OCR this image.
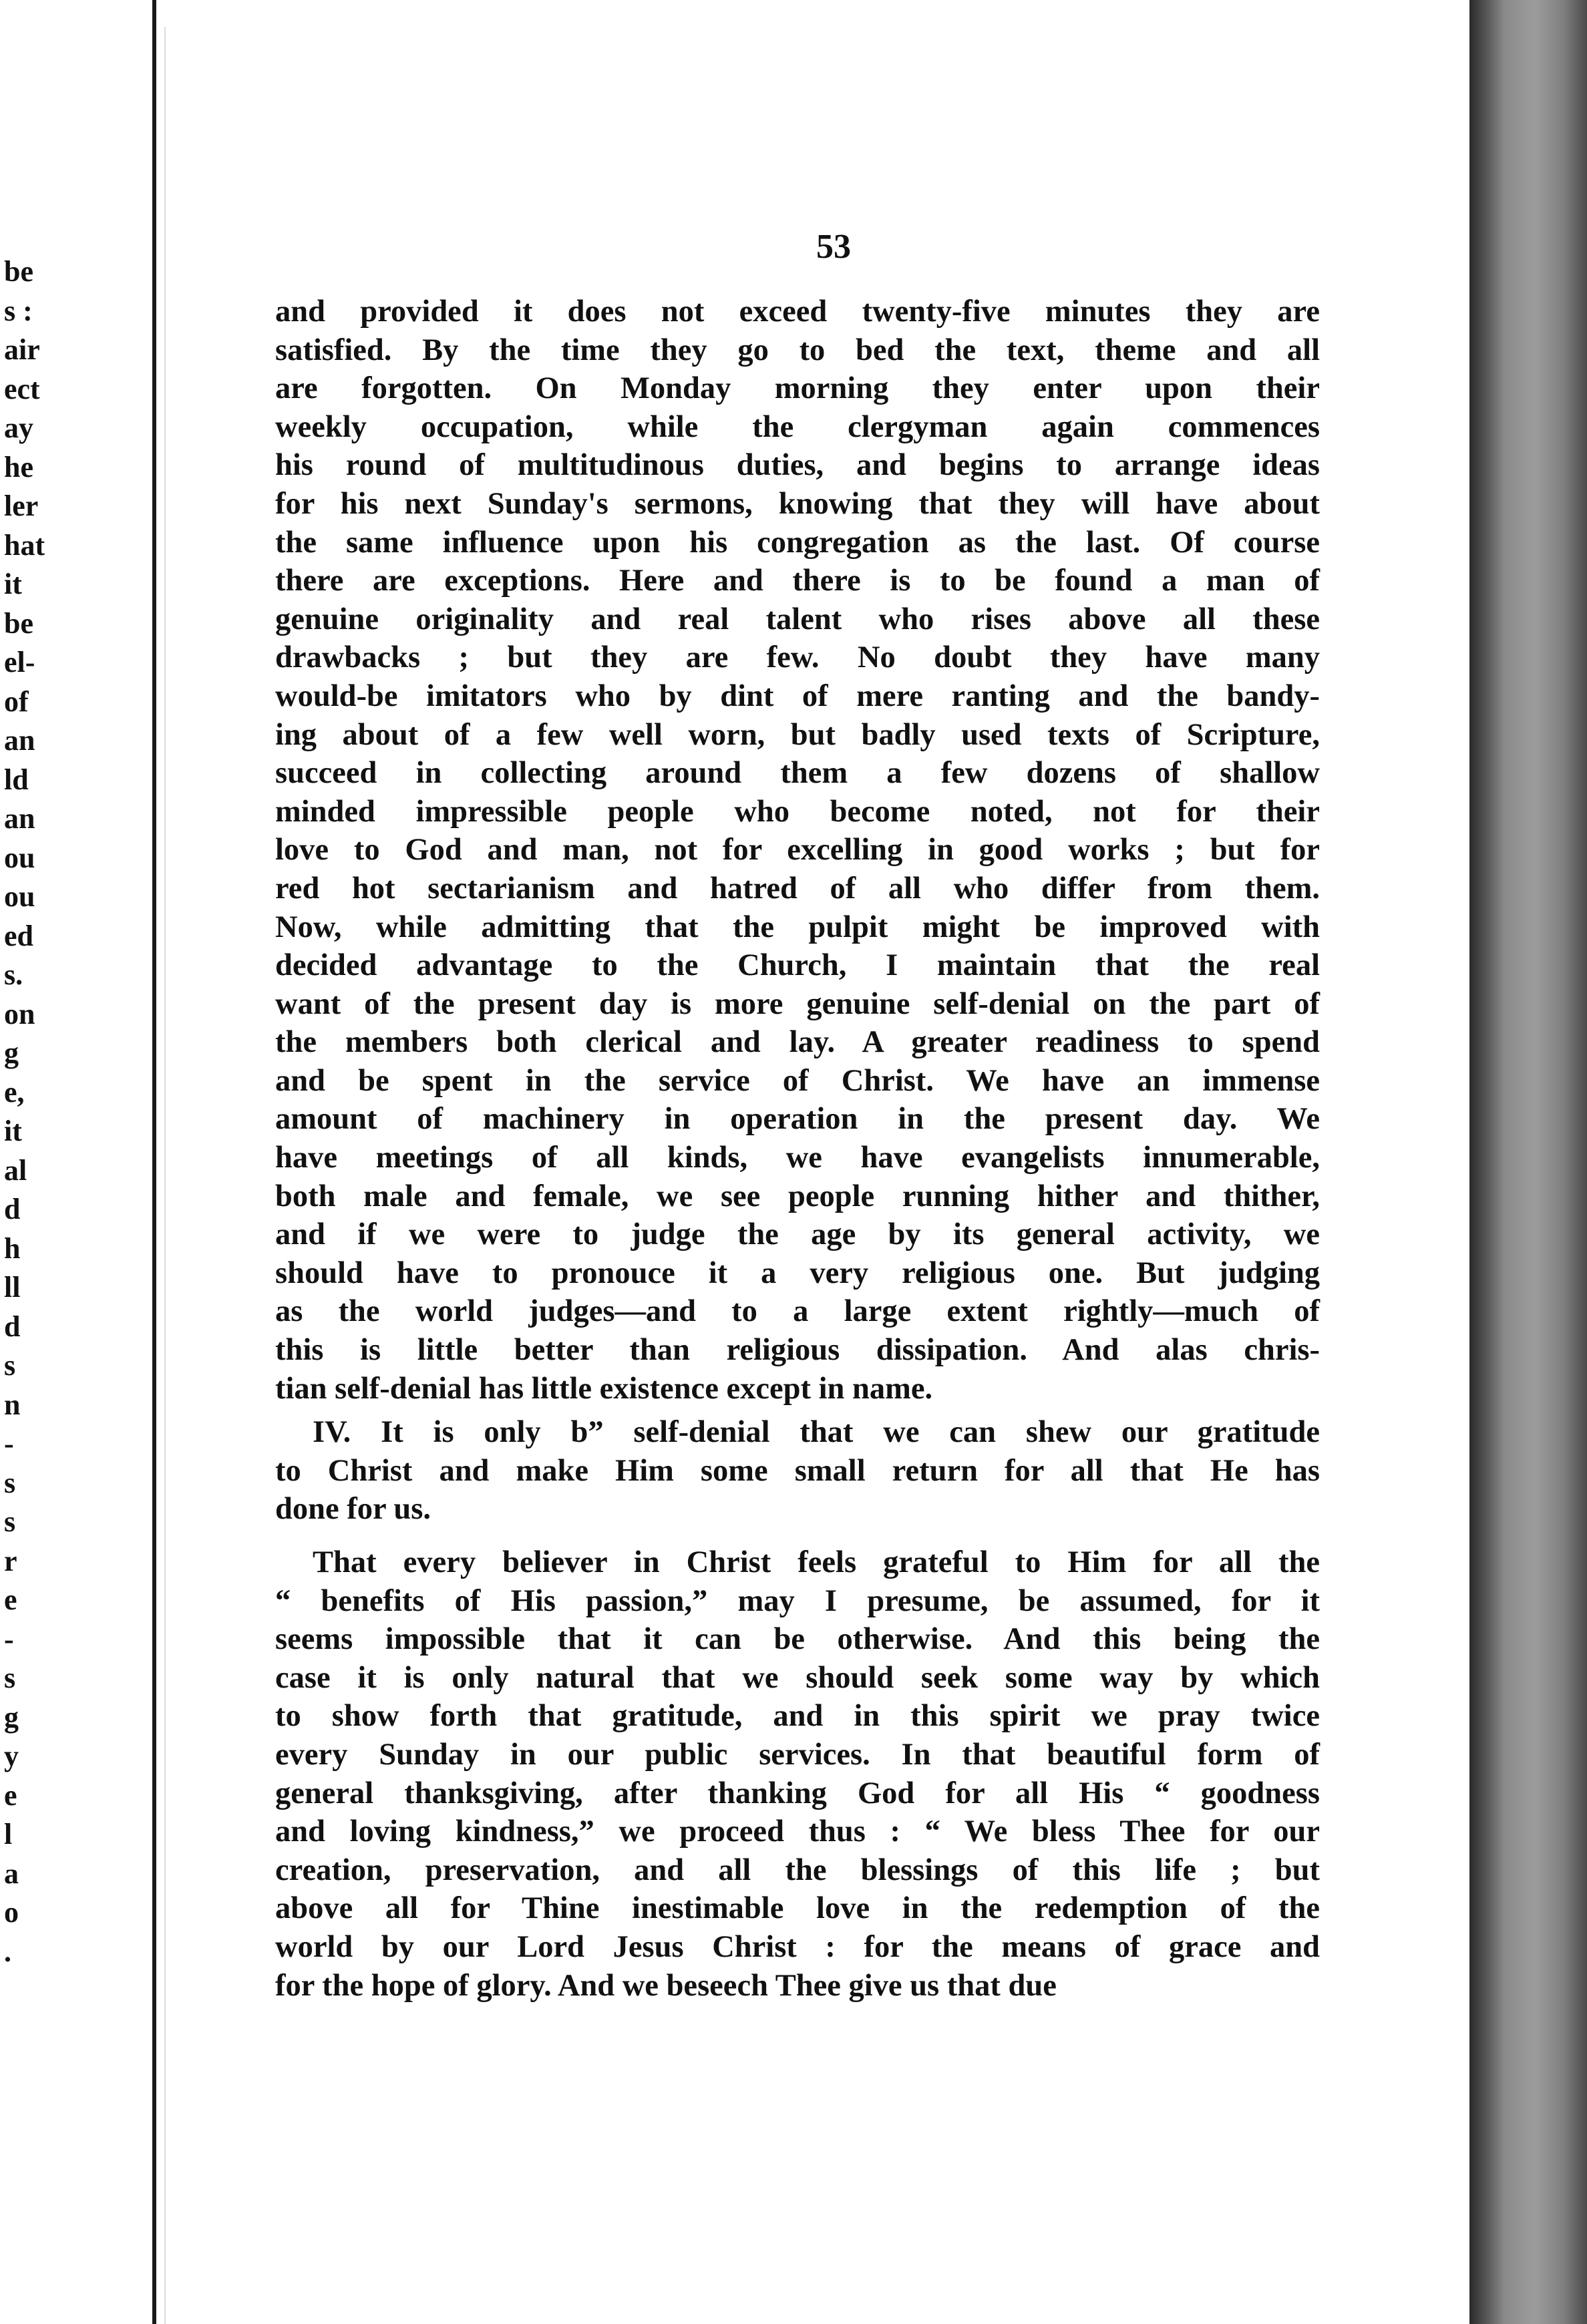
be
s :
air
ect
ay
he
ler
hat
it
be
el-
of
an
ld
an
ou
ou
ed
s.
on
g
e,
it
al
d
h
ll
d
s
n
-
s
s
r
e
-
s
g
y
e
l
a
o
.
53
and provided it does not exceed twenty-five minutes they are
satisfied. By the time they go to bed the text, theme and all
are forgotten. On Monday morning they enter upon their
weekly occupation, while the clergyman again commences
his round of multitudinous duties, and begins to arrange ideas
for his next Sunday's sermons, knowing that they will have about
the same influence upon his congregation as the last. Of course
there are exceptions. Here and there is to be found a man of
genuine originality and real talent who rises above all these
drawbacks ; but they are few. No doubt they have many
would-be imitators who by dint of mere ranting and the bandy-
ing about of a few well worn, but badly used texts of Scripture,
succeed in collecting around them a few dozens of shallow
minded impressible people who become noted, not for their
love to God and man, not for excelling in good works ; but for
red hot sectarianism and hatred of all who differ from them.
Now, while admitting that the pulpit might be improved with
decided advantage to the Church, I maintain that the real
want of the present day is more genuine self-denial on the part of
the members both clerical and lay. A greater readiness to spend
and be spent in the service of Christ. We have an immense
amount of machinery in operation in the present day. We
have meetings of all kinds, we have evangelists innumerable,
both male and female, we see people running hither and thither,
and if we were to judge the age by its general activity, we
should have to pronouce it a very religious one. But judging
as the world judges—and to a large extent rightly—much of
this is little better than religious dissipation. And alas chris-
tian self-denial has little existence except in name.
IV. It is only b” self-denial that we can shew our gratitude
to Christ and make Him some small return for all that He has
done for us.
That every believer in Christ feels grateful to Him for all the
“ benefits of His passion,” may I presume, be assumed, for it
seems impossible that it can be otherwise. And this being the
case it is only natural that we should seek some way by which
to show forth that gratitude, and in this spirit we pray twice
every Sunday in our public services. In that beautiful form of
general thanksgiving, after thanking God for all His “ goodness
and loving kindness,” we proceed thus : “ We bless Thee for our
creation, preservation, and all the blessings of this life ; but
above all for Thine inestimable love in the redemption of the
world by our Lord Jesus Christ : for the means of grace and
for the hope of glory. And we beseech Thee give us that due
